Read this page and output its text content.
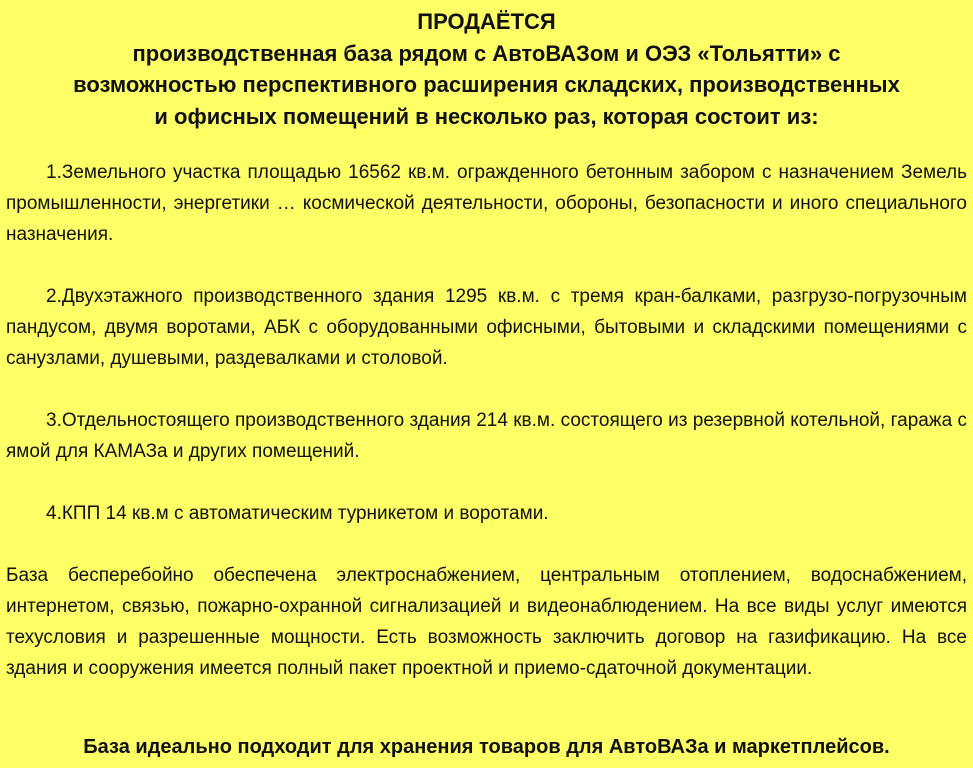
ПРОДАЁТСЯ
производственная база рядом с АвтоВАЗом и ОЭЗ «Тольятти» с
возможностью перспективного расширения складских, производственных
и офисных помещений в несколько раз, которая состоит из:

1.Земельного участка площадью 16562 кв.м. огражденного бетонным забором с назначением Земель промышленности, энергетики … космической деятельности, обороны, безопасности и иного специального назначения.

2.Двухэтажного производственного здания 1295 кв.м. с тремя кран-балками, разгрузо-погрузочным пандусом, двумя воротами, АБК с оборудованными офисными, бытовыми и складскими помещениями с санузлами, душевыми, раздевалками и столовой.

3.Отдельностоящего производственного здания 214 кв.м. состоящего из резервной котельной, гаража с ямой для КАМАЗа и других помещений.

4.КПП 14 кв.м с автоматическим турникетом и воротами.

База бесперебойно обеспечена электроснабжением, центральным отоплением, водоснабжением, интернетом, связью, пожарно-охранной сигнализацией и видеонаблюдением. На все виды услуг имеются техусловия и разрешенные мощности. Есть возможность заключить договор на газификацию. На все здания и сооружения имеется полный пакет проектной и приемо-сдаточной документации.

База идеально подходит для хранения товаров для АвтоВАЗа и маркетплейсов.
